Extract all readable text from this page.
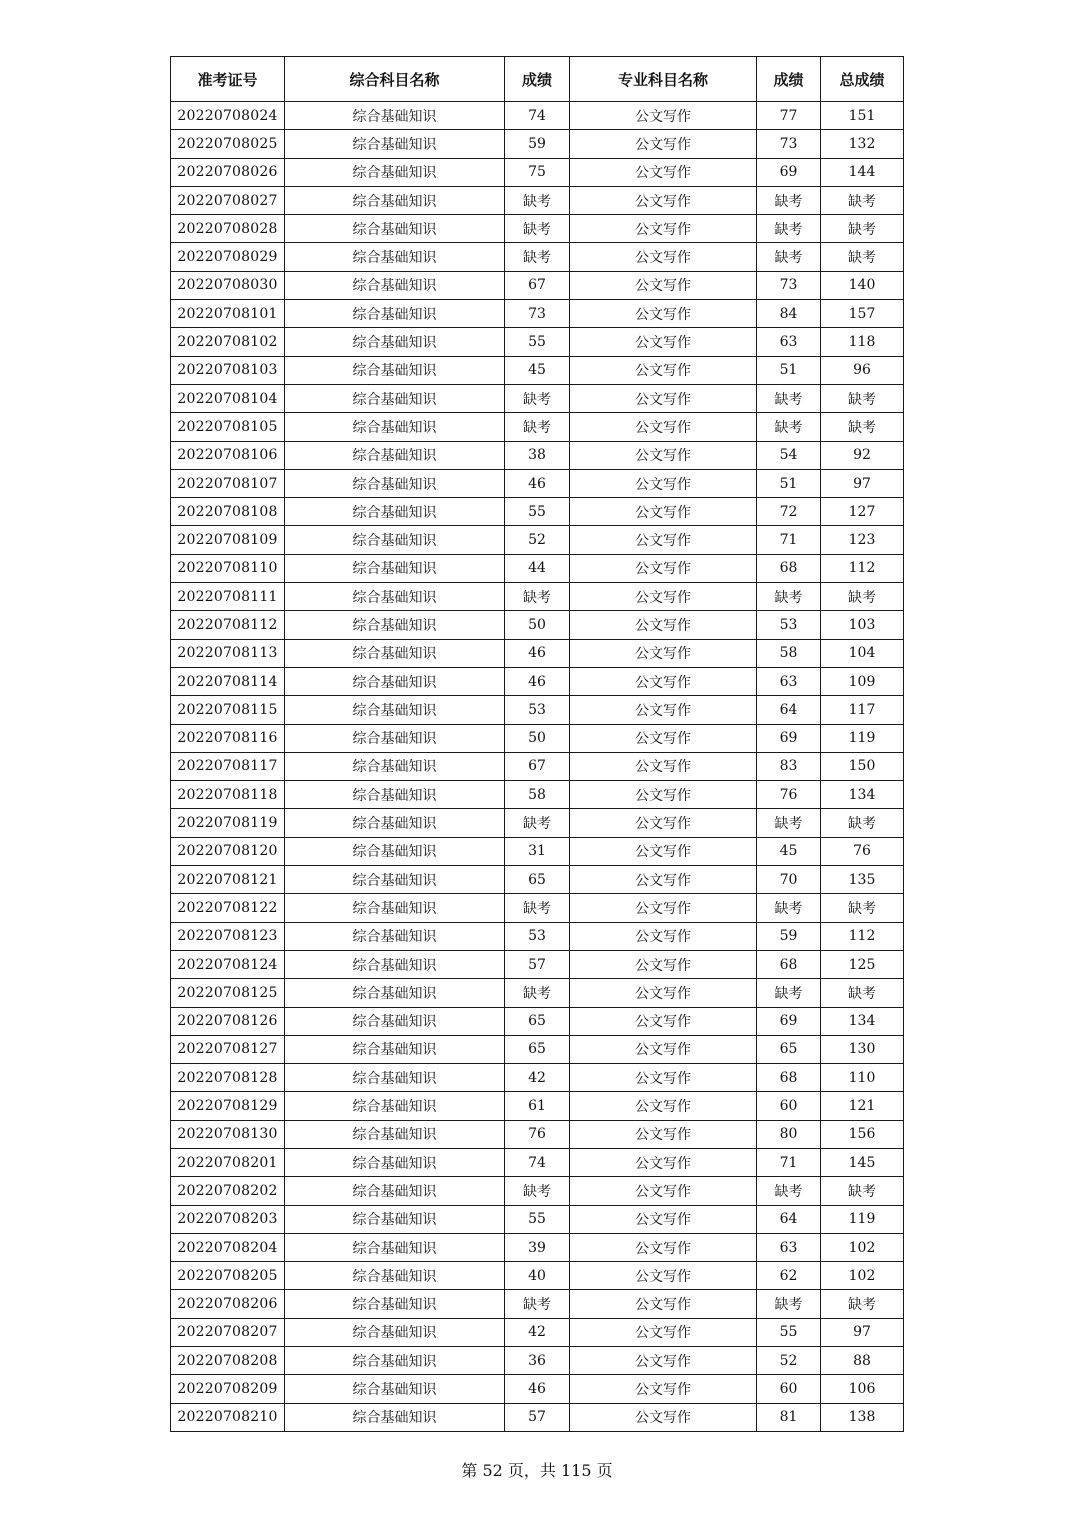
准考证号	综合科目名称	成绩	专业科目名称	成绩	总成绩
20220708024	综合基础知识	74	公文写作	77	151
20220708025	综合基础知识	59	公文写作	73	132
20220708026	综合基础知识	75	公文写作	69	144
20220708027	综合基础知识	缺考	公文写作	缺考	缺考
20220708028	综合基础知识	缺考	公文写作	缺考	缺考
20220708029	综合基础知识	缺考	公文写作	缺考	缺考
20220708030	综合基础知识	67	公文写作	73	140
20220708101	综合基础知识	73	公文写作	84	157
20220708102	综合基础知识	55	公文写作	63	118
20220708103	综合基础知识	45	公文写作	51	96
20220708104	综合基础知识	缺考	公文写作	缺考	缺考
20220708105	综合基础知识	缺考	公文写作	缺考	缺考
20220708106	综合基础知识	38	公文写作	54	92
20220708107	综合基础知识	46	公文写作	51	97
20220708108	综合基础知识	55	公文写作	72	127
20220708109	综合基础知识	52	公文写作	71	123
20220708110	综合基础知识	44	公文写作	68	112
20220708111	综合基础知识	缺考	公文写作	缺考	缺考
20220708112	综合基础知识	50	公文写作	53	103
20220708113	综合基础知识	46	公文写作	58	104
20220708114	综合基础知识	46	公文写作	63	109
20220708115	综合基础知识	53	公文写作	64	117
20220708116	综合基础知识	50	公文写作	69	119
20220708117	综合基础知识	67	公文写作	83	150
20220708118	综合基础知识	58	公文写作	76	134
20220708119	综合基础知识	缺考	公文写作	缺考	缺考
20220708120	综合基础知识	31	公文写作	45	76
20220708121	综合基础知识	65	公文写作	70	135
20220708122	综合基础知识	缺考	公文写作	缺考	缺考
20220708123	综合基础知识	53	公文写作	59	112
20220708124	综合基础知识	57	公文写作	68	125
20220708125	综合基础知识	缺考	公文写作	缺考	缺考
20220708126	综合基础知识	65	公文写作	69	134
20220708127	综合基础知识	65	公文写作	65	130
20220708128	综合基础知识	42	公文写作	68	110
20220708129	综合基础知识	61	公文写作	60	121
20220708130	综合基础知识	76	公文写作	80	156
20220708201	综合基础知识	74	公文写作	71	145
20220708202	综合基础知识	缺考	公文写作	缺考	缺考
20220708203	综合基础知识	55	公文写作	64	119
20220708204	综合基础知识	39	公文写作	63	102
20220708205	综合基础知识	40	公文写作	62	102
20220708206	综合基础知识	缺考	公文写作	缺考	缺考
20220708207	综合基础知识	42	公文写作	55	97
20220708208	综合基础知识	36	公文写作	52	88
20220708209	综合基础知识	46	公文写作	60	106
20220708210	综合基础知识	57	公文写作	81	138
第 52 页，共 115 页
